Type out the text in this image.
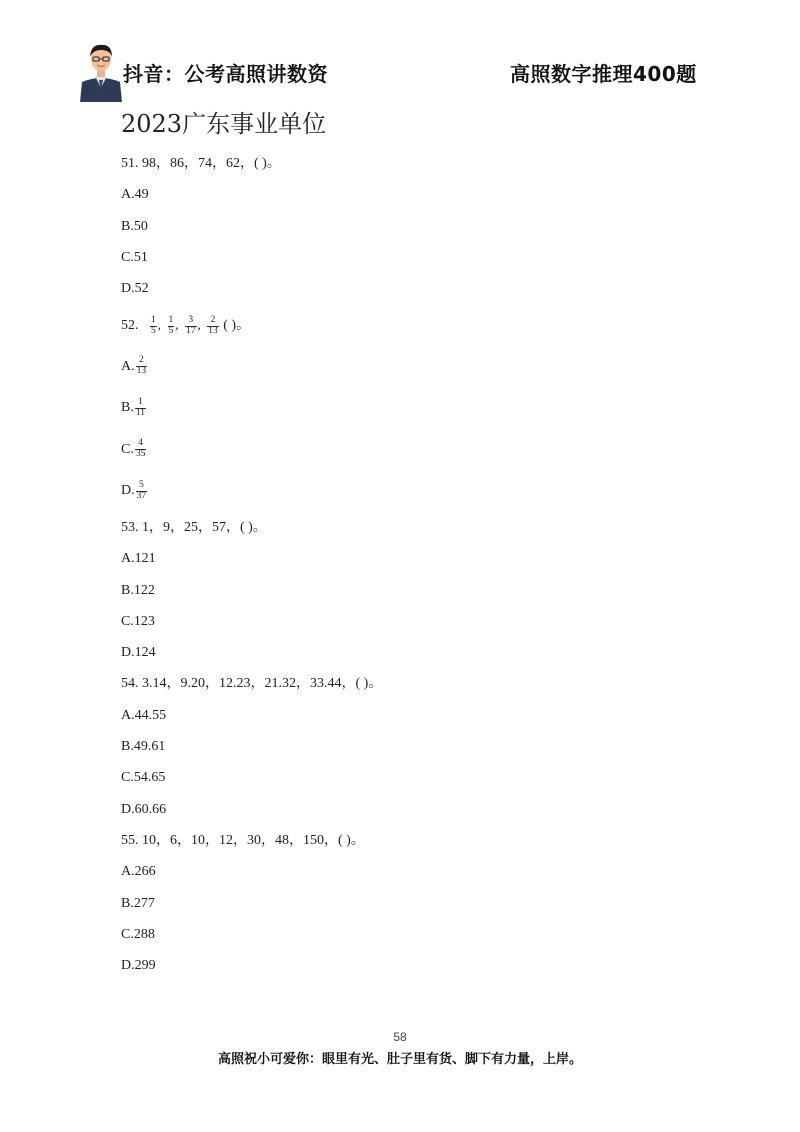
抖音：公考高照讲数资	高照数字推理400题
2023广东事业单位
51. 98，86，74，62，( )。
A.49
B.50
C.51
D.52
52. $\frac{1}{5}$ , $\frac{1}{5}$ , $\frac{3}{17}$ , $\frac{2}{13}$ ( )。
A. $\frac{2}{13}$
B. $\frac{1}{11}$
C. $\frac{4}{35}$
D. $\frac{5}{37}$
53. 1，9，25，57，( )。
A.121
B.122
C.123
D.124
54. 3.14，9.20，12.23，21.32，33.44，( )。
A.44.55
B.49.61
C.54.65
D.60.66
55. 10，6，10，12，30，48，150，( )。
A.266
B.277
C.288
D.299
58
高照祝小可爱你：眼里有光、肚子里有货、脚下有力量，上岸。
